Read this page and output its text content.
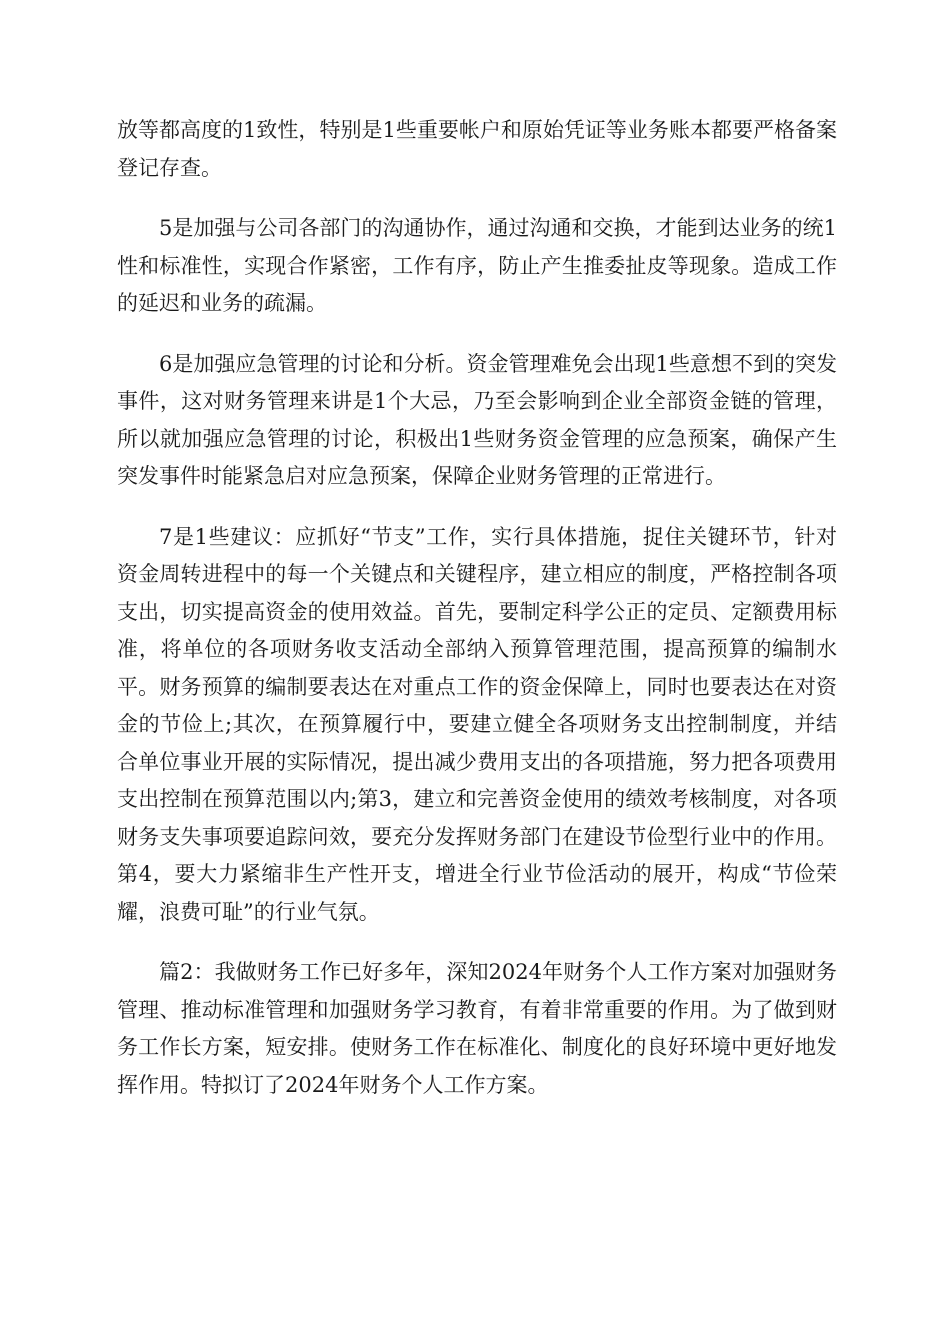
放等都高度的1致性，特别是1些重要帐户和原始凭证等业务账本都要严格备案登记存查。

5是加强与公司各部门的沟通协作，通过沟通和交换，才能到达业务的统1性和标准性，实现合作紧密，工作有序，防止产生推委扯皮等现象。造成工作的延迟和业务的疏漏。

6是加强应急管理的讨论和分析。资金管理难免会出现1些意想不到的突发事件，这对财务管理来讲是1个大忌，乃至会影响到企业全部资金链的管理，所以就加强应急管理的讨论，积极出1些财务资金管理的应急预案，确保产生突发事件时能紧急启对应急预案，保障企业财务管理的正常进行。

7是1些建议：应抓好“节支”工作，实行具体措施，捉住关键环节，针对资金周转进程中的每一个关键点和关键程序，建立相应的制度，严格控制各项支出，切实提高资金的使用效益。首先，要制定科学公正的定员、定额费用标准，将单位的各项财务收支活动全部纳入预算管理范围，提高预算的编制水平。财务预算的编制要表达在对重点工作的资金保障上，同时也要表达在对资金的节俭上;其次，在预算履行中，要建立健全各项财务支出控制制度，并结合单位事业开展的实际情况，提出减少费用支出的各项措施，努力把各项费用支出控制在预算范围以内;第3，建立和完善资金使用的绩效考核制度，对各项财务支失事项要追踪问效，要充分发挥财务部门在建设节俭型行业中的作用。第4，要大力紧缩非生产性开支，增进全行业节俭活动的展开，构成“节俭荣耀，浪费可耻”的行业气氛。

篇2：我做财务工作已好多年，深知2024年财务个人工作方案对加强财务管理、推动标准管理和加强财务学习教育，有着非常重要的作用。为了做到财务工作长方案，短安排。使财务工作在标准化、制度化的良好环境中更好地发挥作用。特拟订了2024年财务个人工作方案。
